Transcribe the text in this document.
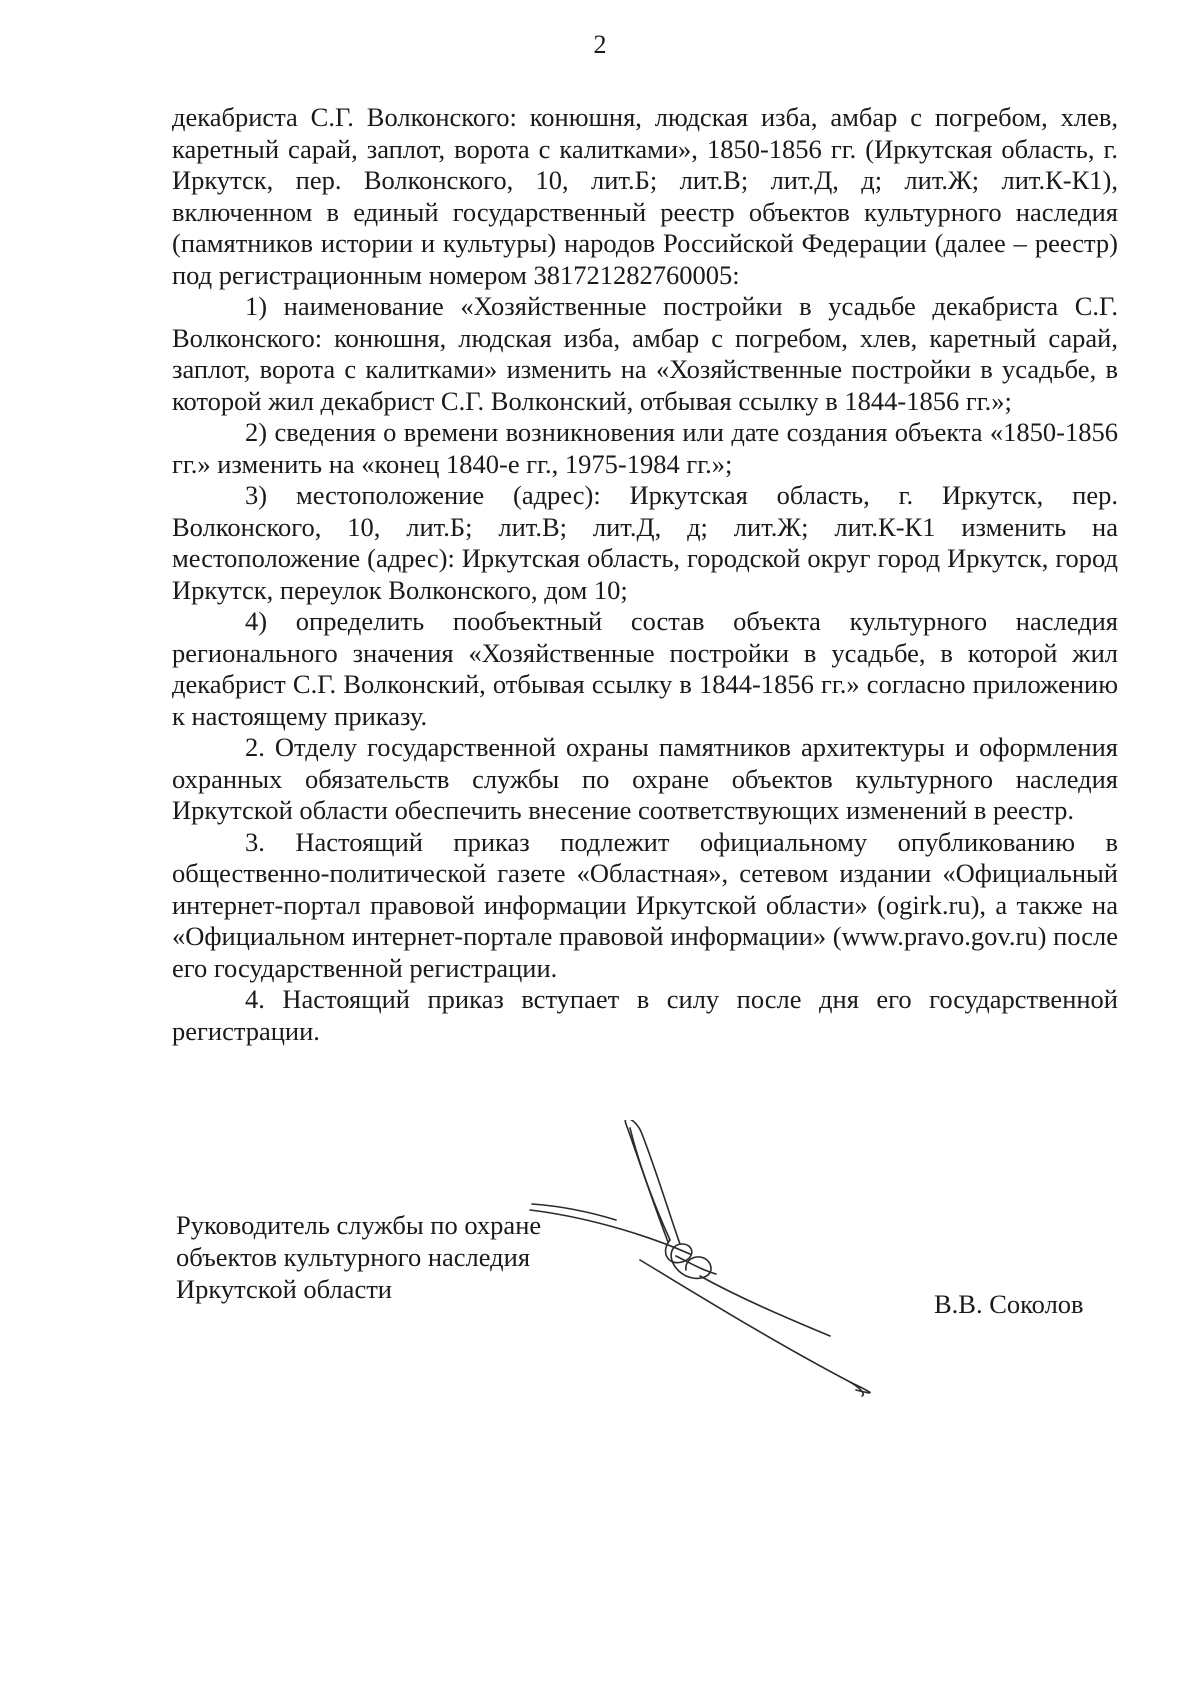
2

декабриста С.Г. Волконского: конюшня, людская изба, амбар с погребом, хлев, каретный сарай, заплот, ворота с калитками», 1850-1856 гг. (Иркутская область, г. Иркутск, пер. Волконского, 10, лит.Б; лит.В; лит.Д, д; лит.Ж; лит.К-К1), включенном в единый государственный реестр объектов культурного наследия (памятников истории и культуры) народов Российской Федерации (далее – реестр) под регистрационным номером 381721282760005:

1) наименование «Хозяйственные постройки в усадьбе декабриста С.Г. Волконского: конюшня, людская изба, амбар с погребом, хлев, каретный сарай, заплот, ворота с калитками» изменить на «Хозяйственные постройки в усадьбе, в которой жил декабрист С.Г. Волконский, отбывая ссылку в 1844-1856 гг.»;

2) сведения о времени возникновения или дате создания объекта «1850-1856 гг.» изменить на «конец 1840-е гг., 1975-1984 гг.»;

3) местоположение (адрес): Иркутская область, г. Иркутск, пер. Волконского, 10, лит.Б; лит.В; лит.Д, д; лит.Ж; лит.К-К1 изменить на местоположение (адрес): Иркутская область, городской округ город Иркутск, город Иркутск, переулок Волконского, дом 10;

4) определить пообъектный состав объекта культурного наследия регионального значения «Хозяйственные постройки в усадьбе, в которой жил декабрист С.Г. Волконский, отбывая ссылку в 1844-1856 гг.» согласно приложению к настоящему приказу.

2. Отделу государственной охраны памятников архитектуры и оформления охранных обязательств службы по охране объектов культурного наследия Иркутской области обеспечить внесение соответствующих изменений в реестр.

3. Настоящий приказ подлежит официальному опубликованию в общественно-политической газете «Областная», сетевом издании «Официальный интернет-портал правовой информации Иркутской области» (ogirk.ru), а также на «Официальном интернет-портале правовой информации» (www.pravo.gov.ru) после его государственной регистрации.

4. Настоящий приказ вступает в силу после дня его государственной регистрации.

Руководитель службы по охране
объектов культурного наследия
Иркутской области	В.В. Соколов
